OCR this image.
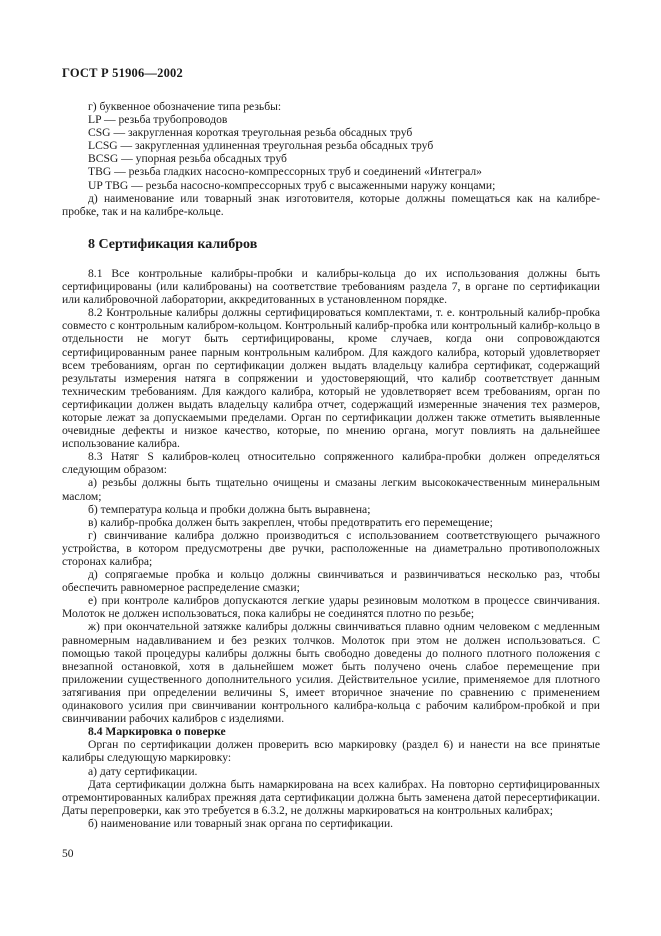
ГОСТ Р 51906—2002

г) буквенное обозначение типа резьбы:

LP — резьба трубопроводов

CSG — закругленная короткая треугольная резьба обсадных труб

LCSG — закругленная удлиненная треугольная резьба обсадных труб

BCSG — упорная резьба обсадных труб

TBG — резьба гладких насосно-компрессорных труб и соединений «Интеграл»

UP TBG — резьба насосно-компрессорных труб с высаженными наружу концами;

д) наименование или товарный знак изготовителя, которые должны помещаться как на калибре-пробке, так и на калибре-кольце.

8 Сертификация калибров

8.1 Все контрольные калибры-пробки и калибры-кольца до их использования должны быть сертифицированы (или калиброваны) на соответствие требованиям раздела 7, в органе по сертификации или калибровочной лаборатории, аккредитованных в установленном порядке.

8.2 Контрольные калибры должны сертифицироваться комплектами, т. е. контрольный калибр-пробка совместо с контрольным калибром-кольцом. Контрольный калибр-пробка или контрольный калибр-кольцо в отдельности не могут быть сертифицированы, кроме случаев, когда они сопровождаются сертифицированным ранее парным контрольным калибром. Для каждого калибра, который удовлетворяет всем требованиям, орган по сертификации должен выдать владельцу калибра сертификат, содержащий результаты измерения натяга в сопряжении и удостоверяющий, что калибр соответствует данным техническим требованиям. Для каждого калибра, который не удовлетворяет всем требованиям, орган по сертификации должен выдать владельцу калибра отчет, содержащий измеренные значения тех размеров, которые лежат за допускаемыми пределами. Орган по сертификации должен также отметить выявленные очевидные дефекты и низкое качество, которые, по мнению органа, могут повлиять на дальнейшее использование калибра.

8.3 Натяг S калибров-колец относительно сопряженного калибра-пробки должен определяться следующим образом:

а) резьбы должны быть тщательно очищены и смазаны легким высококачественным минеральным маслом;

б) температура кольца и пробки должна быть выравнена;

в) калибр-пробка должен быть закреплен, чтобы предотвратить его перемещение;

г) свинчивание калибра должно производиться с использованием соответствующего рычажного устройства, в котором предусмотрены две ручки, расположенные на диаметрально противоположных сторонах калибра;

д) сопрягаемые пробка и кольцо должны свинчиваться и развинчиваться несколько раз, чтобы обеспечить равномерное распределение смазки;

е) при контроле калибров допускаются легкие удары резиновым молотком в процессе свинчивания. Молоток не должен использоваться, пока калибры не соединятся плотно по резьбе;

ж) при окончательной затяжке калибры должны свинчиваться плавно одним человеком с медленным равномерным надавливанием и без резких толчков. Молоток при этом не должен использоваться. С помощью такой процедуры калибры должны быть свободно доведены до полного плотного положения с внезапной остановкой, хотя в дальнейшем может быть получено очень слабое перемещение при приложении существенного дополнительного усилия. Действительное усилие, применяемое для плотного затягивания при определении величины S, имеет вторичное значение по сравнению с применением одинакового усилия при свинчивании контрольного калибра-кольца с рабочим калибром-пробкой и при свинчивании рабочих калибров с изделиями.

8.4 Маркировка о поверке

Орган по сертификации должен проверить всю маркировку (раздел 6) и нанести на все принятые калибры следующую маркировку:

а) дату сертификации.

Дата сертификации должна быть намаркирована на всех калибрах. На повторно сертифицированных отремонтированных калибрах прежняя дата сертификации должна быть заменена датой пересертификации. Даты перепроверки, как это требуется в 6.3.2, не должны маркироваться на контрольных калибрах;

б) наименование или товарный знак органа по сертификации.

50
